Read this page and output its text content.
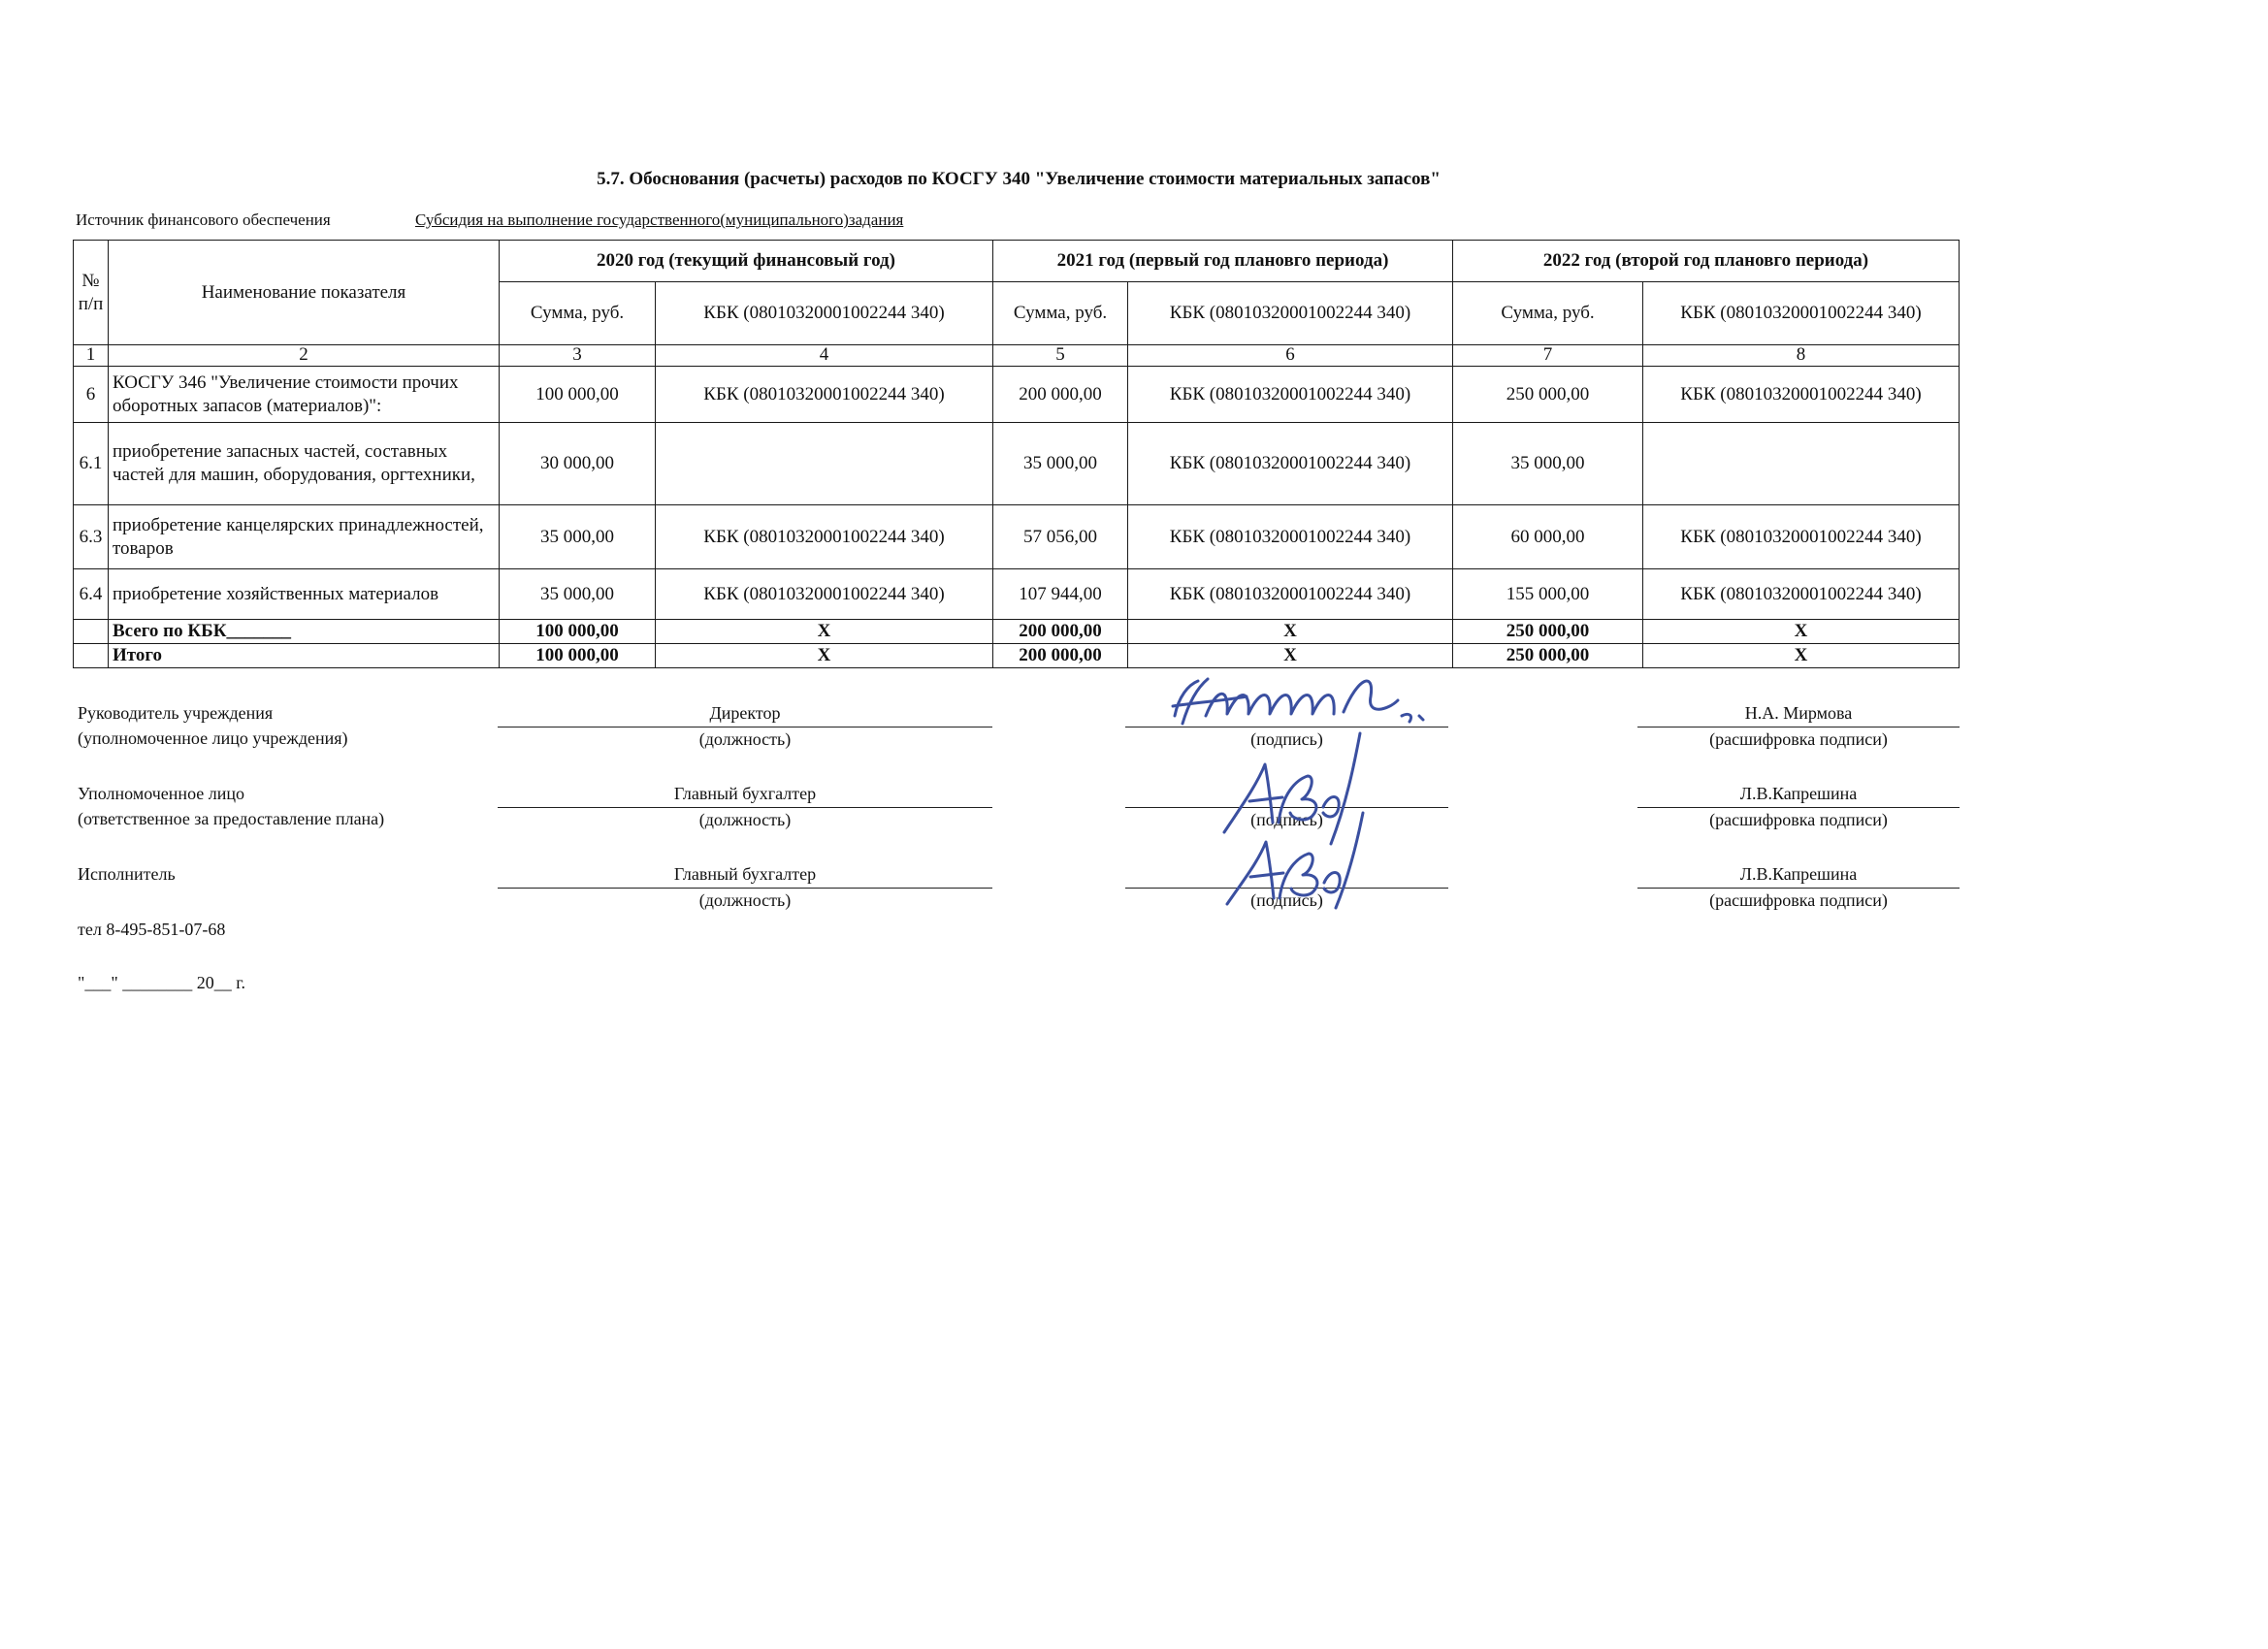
5.7. Обоснования (расчеты) расходов по КОСГУ 340 "Увеличение стоимости материальных запасов"
Источник финансового обеспечения	Субсидия на выполнение государственного(муниципального)задания
№ п/п	Наименование показателя	2020 год (текущий финансовый год)		2021 год (первый год плановго периода)		2022 год (второй год плановго периода)	
		Сумма, руб.	КБК (08010320001002244 340)	Сумма, руб.	КБК (08010320001002244 340)	Сумма, руб.	КБК (08010320001002244 340)
1	2	3	4	5	6	7	8
6	КОСГУ 346 "Увеличение стоимости прочих оборотных запасов (материалов)":	100 000,00	КБК (08010320001002244 340)	200 000,00	КБК (08010320001002244 340)	250 000,00	КБК (08010320001002244 340)
6.1	приобретение запасных частей, составных частей для машин, оборудования, оргтехники,	30 000,00		35 000,00	КБК (08010320001002244 340)	35 000,00	
6.3	приобретение канцелярских принадлежностей, товаров	35 000,00	КБК (08010320001002244 340)	57 056,00	КБК (08010320001002244 340)	60 000,00	КБК (08010320001002244 340)
6.4	приобретение хозяйственных материалов	35 000,00	КБК (08010320001002244 340)	107 944,00	КБК (08010320001002244 340)	155 000,00	КБК (08010320001002244 340)
	Всего по КБК_______	100 000,00	Х	200 000,00	Х	250 000,00	Х
	Итого	100 000,00	Х	200 000,00	Х	250 000,00	Х
Руководитель учреждения
(уполномоченное лицо учреждения)
Директор
(должность)	(подпись)
Н.А. Мирмова
(расшифровка подписи)
Уполномоченное лицо
(ответственное за предоставление плана)
Главный бухгалтер
(должность)	(подпись)
Л.В.Капрешина
(расшифровка подписи)
Исполнитель	Главный бухгалтер
(должность)	(подпись)
Л.В.Капрешина
(расшифровка подписи)
тел 8-495-851-07-68
"___" ________ 20__ г.
